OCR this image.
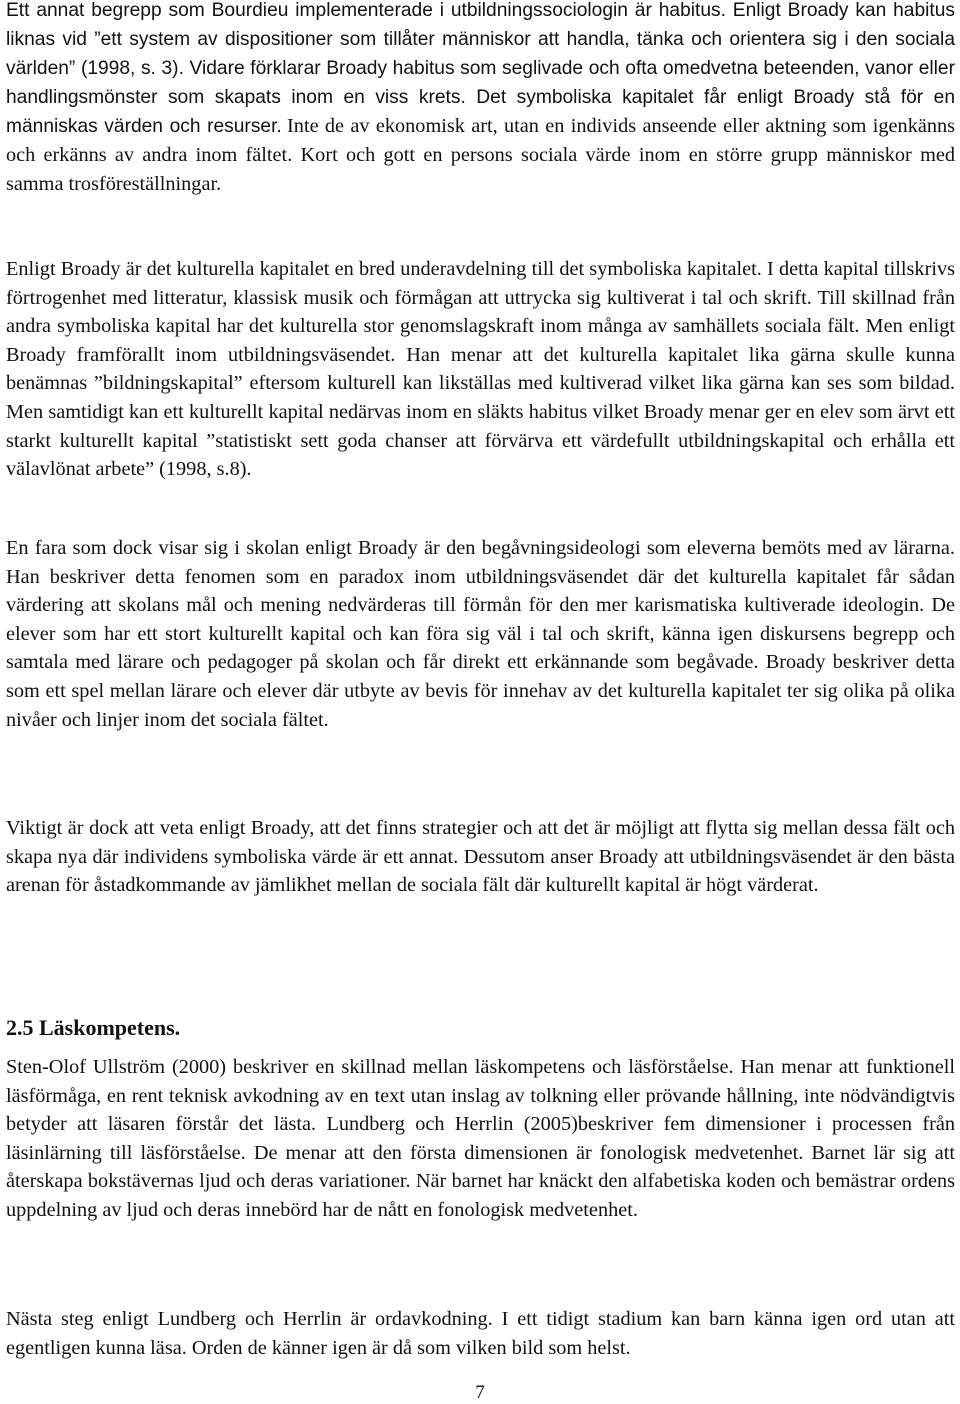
Ett annat begrepp som Bourdieu implementerade i utbildningssociologin är habitus. Enligt Broady kan habitus liknas vid ”ett system av dispositioner som tillåter människor att handla, tänka och orientera sig i den sociala världen” (1998, s. 3). Vidare förklarar Broady habitus som seglivade och ofta omedvetna beteenden, vanor eller handlingsmönster som skapats inom en viss krets. Det symboliska kapitalet får enligt Broady stå för en människas värden och resurser. Inte de av ekonomisk art, utan en individs anseende eller aktning som igenkänns och erkänns av andra inom fältet. Kort och gott en persons sociala värde inom en större grupp människor med samma trosföreställningar.

Enligt Broady är det kulturella kapitalet en bred underavdelning till det symboliska kapitalet. I detta kapital tillskrivs förtrogenhet med litteratur, klassisk musik och förmågan att uttrycka sig kultiverat i tal och skrift. Till skillnad från andra symboliska kapital har det kulturella stor genomslagskraft inom många av samhällets sociala fält. Men enligt Broady framförallt inom utbildningsväsendet. Han menar att det kulturella kapitalet lika gärna skulle kunna benämnas ”bildningskapital” eftersom kulturell kan likställas med kultiverad vilket lika gärna kan ses som bildad. Men samtidigt kan ett kulturellt kapital nedärvas inom en släkts habitus vilket Broady menar ger en elev som ärvt ett starkt kulturellt kapital ”statistiskt sett goda chanser att förvärva ett värdefullt utbildningskapital och erhålla ett välavlönat arbete” (1998, s.8).

En fara som dock visar sig i skolan enligt Broady är den begåvningsideologi som eleverna bemöts med av lärarna. Han beskriver detta fenomen som en paradox inom utbildningsväsendet där det kulturella kapitalet får sådan värdering att skolans mål och mening nedvärderas till förmån för den mer karismatiska kultiverade ideologin. De elever som har ett stort kulturellt kapital och kan föra sig väl i tal och skrift, känna igen diskursens begrepp och samtala med lärare och pedagoger på skolan och får direkt ett erkännande som begåvade. Broady beskriver detta som ett spel mellan lärare och elever där utbyte av bevis för innehav av det kulturella kapitalet ter sig olika på olika nivåer och linjer inom det sociala fältet.

Viktigt är dock att veta enligt Broady, att det finns strategier och att det är möjligt att flytta sig mellan dessa fält och skapa nya där individens symboliska värde är ett annat. Dessutom anser Broady att utbildningsväsendet är den bästa arenan för åstadkommande av jämlikhet mellan de sociala fält där kulturellt kapital är högt värderat.

2.5 Läskompetens.

Sten-Olof Ullström (2000) beskriver en skillnad mellan läskompetens och läsförståelse. Han menar att funktionell läsförmåga, en rent teknisk avkodning av en text utan inslag av tolkning eller prövande hållning, inte nödvändigtvis betyder att läsaren förstår det lästa. Lundberg och Herrlin (2005)beskriver fem dimensioner i processen från läsinlärning till läsförståelse. De menar att den första dimensionen är fonologisk medvetenhet. Barnet lär sig att återskapa bokstävernas ljud och deras variationer. När barnet har knäckt den alfabetiska koden och bemästrar ordens uppdelning av ljud och deras innebörd har de nått en fonologisk medvetenhet.

Nästa steg enligt Lundberg och Herrlin är ordavkodning. I ett tidigt stadium kan barn känna igen ord utan att egentligen kunna läsa. Orden de känner igen är då som vilken bild som helst.

7
